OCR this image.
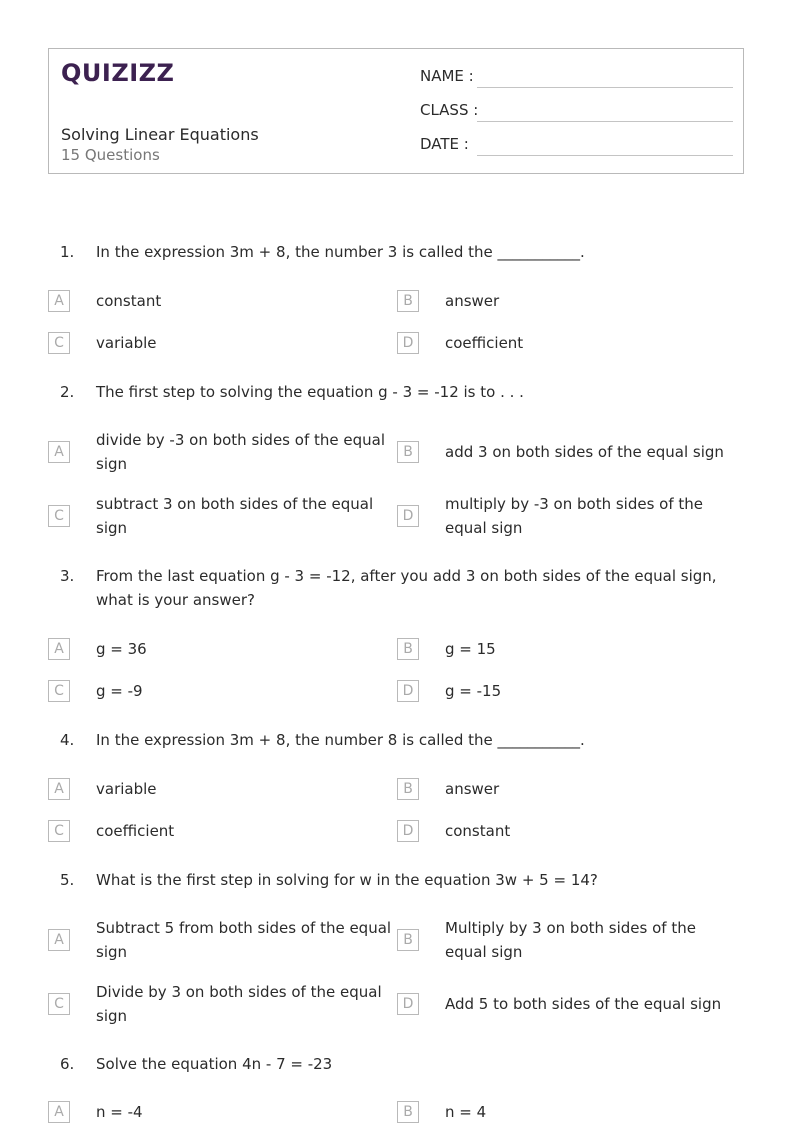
QUIZIZZ
Solving Linear Equations
15 Questions
NAME :
CLASS :
DATE :
1. In the expression 3m + 8, the number 3 is called the ___________.
A	constant	B	answer
C	variable	D	coefficient
2. The first step to solving the equation g - 3 = -12 is to . . .
A
divide by -3 on both sides of the equal sign
B	add 3 on both sides of the equal sign
C
subtract 3 on both sides of the equal sign
D
multiply by -3 on both sides of the equal sign
3. From the last equation g - 3 = -12, after you add 3 on both sides of the equal sign, what is your answer?
A	g = 36	B	g = 15
C	g = -9	D	g = -15
4. In the expression 3m + 8, the number 8 is called the ___________.
A	variable	B	answer
C	coefficient	D	constant
5. What is the first step in solving for w in the equation 3w + 5 = 14?
A
Subtract 5 from both sides of the equal sign
B
Multiply by 3 on both sides of the equal sign
C
Divide by 3 on both sides of the equal sign
D	Add 5 to both sides of the equal sign
6. Solve the equation 4n - 7 = -23
A	n = -4	B	n = 4
